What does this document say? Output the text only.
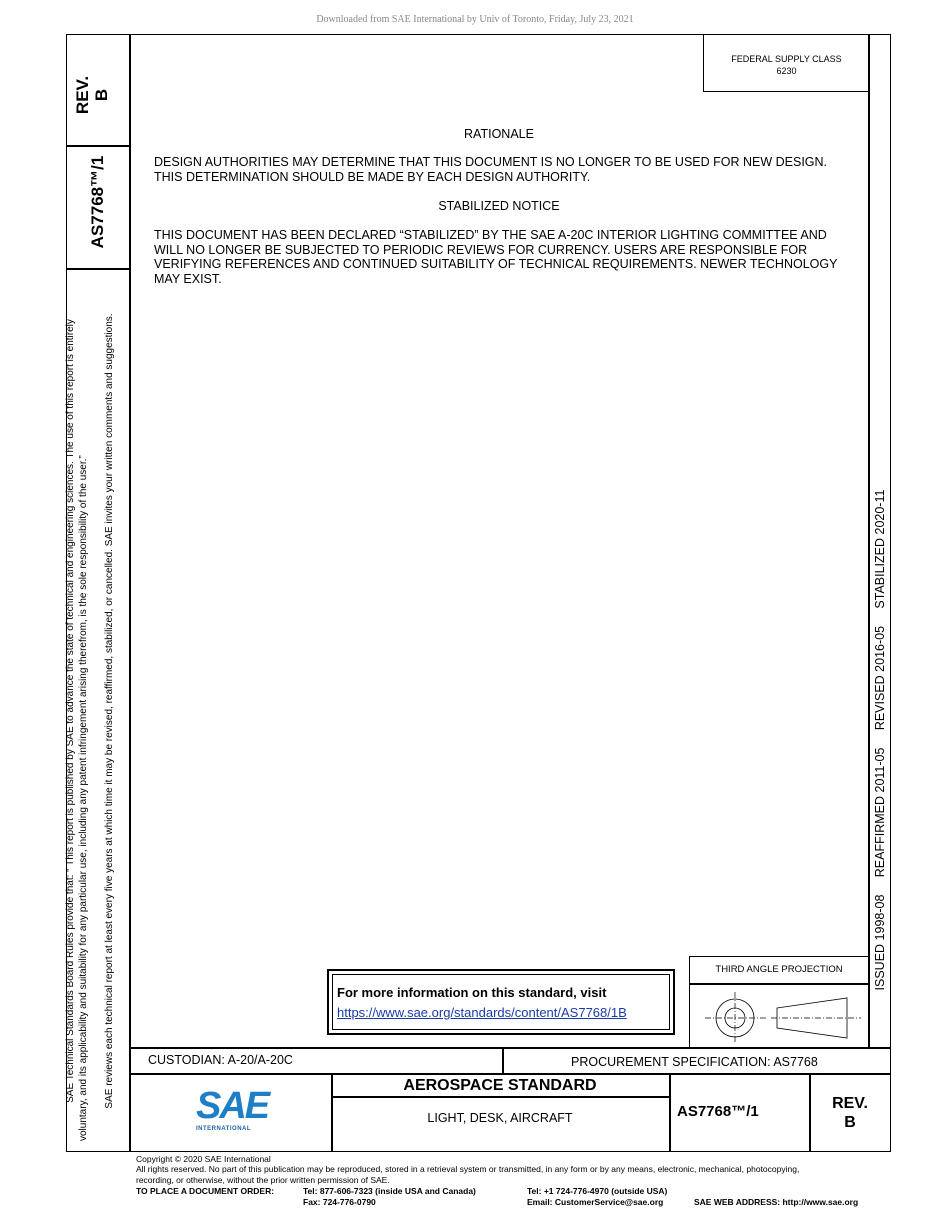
Downloaded from SAE International by Univ of Toronto, Friday, July 23, 2021
REV. B
AS7768™/1
SAE Technical Standards Board Rules provide that: “ This report is published by SAE to advance the state of technical and engineering sciences. The use of this report is entirely voluntary, and its applicability and suitability for any particular use, including any patent infringement arising therefrom, is the sole responsibility of the user.” SAE reviews each technical report at least every five years at which time it may be revised, reaffirmed, stabilized, or cancelled. SAE invites your written comments and suggestions.	ISSUED 1998-08     REAFFIRMED 2011-05     REVISED 2016-05     STABILIZED 2020-11
FEDERAL SUPPLY CLASS
6230
RATIONALE
DESIGN AUTHORITIES MAY DETERMINE THAT THIS DOCUMENT IS NO LONGER TO BE USED FOR NEW DESIGN. THIS DETERMINATION SHOULD BE MADE BY EACH DESIGN AUTHORITY.
STABILIZED NOTICE
THIS DOCUMENT HAS BEEN DECLARED “STABILIZED” BY THE SAE A-20C INTERIOR LIGHTING COMMITTEE AND WILL NO LONGER BE SUBJECTED TO PERIODIC REVIEWS FOR CURRENCY. USERS ARE RESPONSIBLE FOR VERIFYING REFERENCES AND CONTINUED SUITABILITY OF TECHNICAL REQUIREMENTS. NEWER TECHNOLOGY MAY EXIST.
For more information on this standard, visit
https://www.sae.org/standards/content/AS7768/1B
THIRD ANGLE PROJECTION
CUSTODIAN: A-20/A-20C	PROCUREMENT SPECIFICATION: AS7768
SAE
INTERNATIONAL
AEROSPACE STANDARD
LIGHT, DESK, AIRCRAFT	AS7768™/1	REV.
B
Copyright © 2020 SAE International
All rights reserved. No part of this publication may be reproduced, stored in a retrieval system or transmitted, in any form or by any means, electronic, mechanical, photocopying,
recording, or otherwise, without the prior written permission of SAE.
TO PLACE A DOCUMENT ORDER:	Tel: 877-606-7323 (inside USA and Canada)
Fax: 724-776-0790
Tel: +1 724-776-4970 (outside USA)
Email: CustomerService@sae.org	SAE WEB ADDRESS: http://www.sae.org
